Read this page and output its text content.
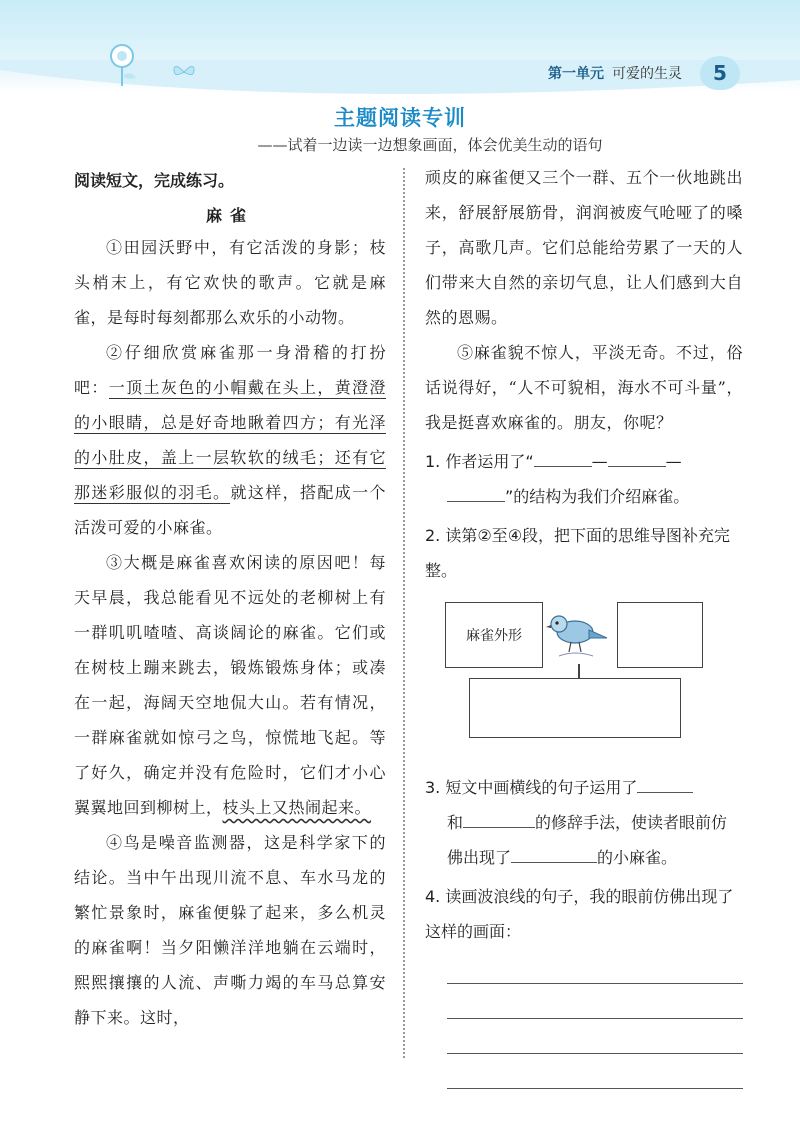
第一单元 可爱的生灵	5
主题阅读专训
——试着一边读一边想象画面，体会优美生动的语句
阅读短文，完成练习。
麻雀

①田园沃野中，有它活泼的身影；枝头梢末上，有它欢快的歌声。它就是麻雀，是每时每刻都那么欢乐的小动物。

②仔细欣赏麻雀那一身滑稽的打扮吧：一顶土灰色的小帽戴在头上，黄澄澄的小眼睛，总是好奇地瞅着四方；有光泽的小肚皮，盖上一层软软的绒毛；还有它那迷彩服似的羽毛。就这样，搭配成一个活泼可爱的小麻雀。

③大概是麻雀喜欢闲读的原因吧！每天早晨，我总能看见不远处的老柳树上有一群叽叽喳喳、高谈阔论的麻雀。它们或在树枝上蹦来跳去，锻炼锻炼身体；或凑在一起，海阔天空地侃大山。若有情况，一群麻雀就如惊弓之鸟，惊慌地飞起。等了好久，确定并没有危险时，它们才小心翼翼地回到柳树上，枝头上又热闹起来。

④鸟是噪音监测器，这是科学家下的结论。当中午出现川流不息、车水马龙的繁忙景象时，麻雀便躲了起来，多么机灵的麻雀啊！当夕阳懒洋洋地躺在云端时，熙熙攘攘的人流、声嘶力竭的车马总算安静下来。这时，

顽皮的麻雀便又三个一群、五个一伙地跳出来，舒展舒展筋骨，润润被废气呛哑了的嗓子，高歌几声。它们总能给劳累了一天的人们带来大自然的亲切气息，让人们感到大自然的恩赐。

⑤麻雀貌不惊人，平淡无奇。不过，俗话说得好，“人不可貌相，海水不可斗量”，我是挺喜欢麻雀的。朋友，你呢？

1. 作者运用了“	—	—
”的结构为我们介绍麻雀。
2. 读第②至④段，把下面的思维导图补充完整。
麻雀外形
3. 短文中画横线的句子运用了
和	的修辞手法，使读者眼前仿佛出现了	的小麻雀。
4. 读画波浪线的句子，我的眼前仿佛出现了这样的画面：
